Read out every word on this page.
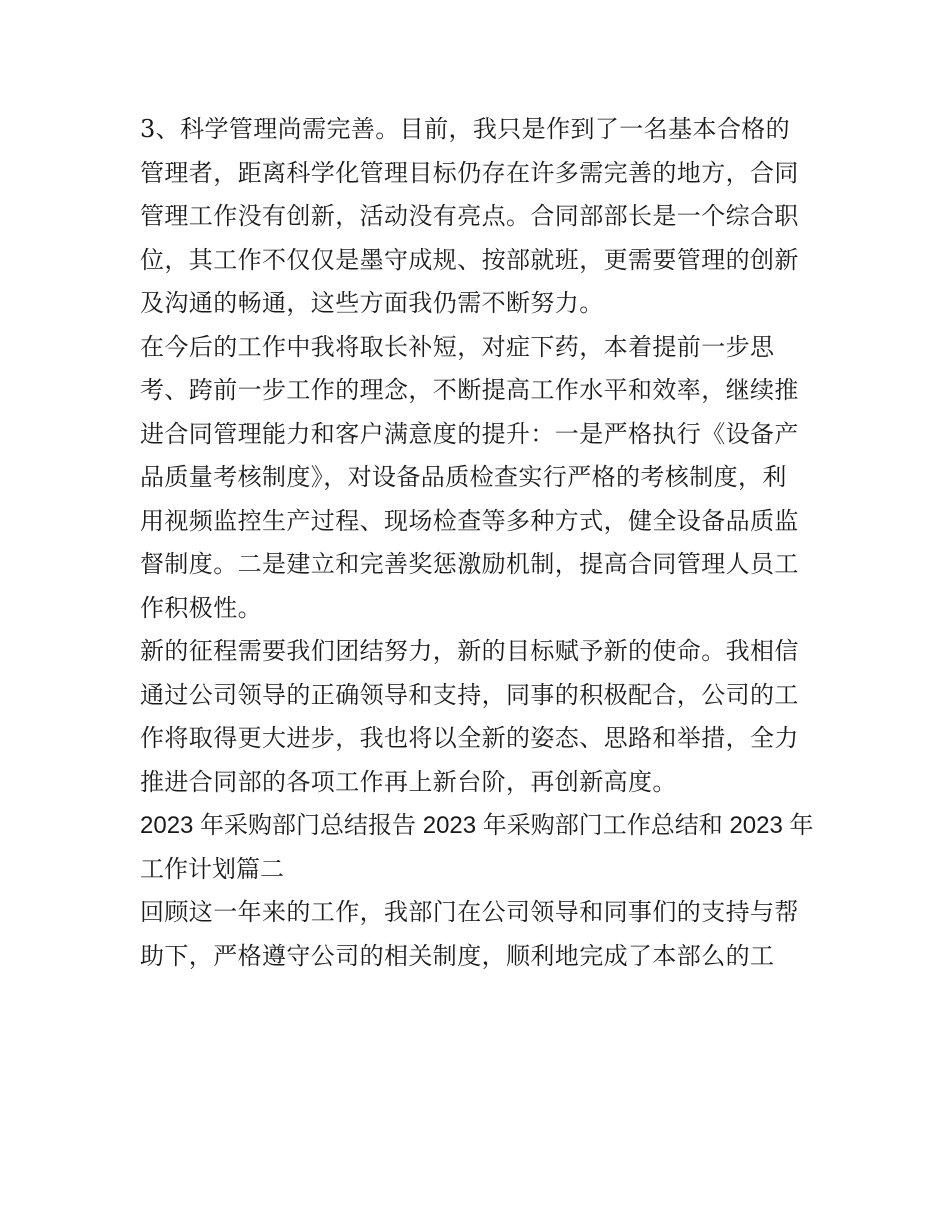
3、科学管理尚需完善。目前，我只是作到了一名基本合格的
管理者，距离科学化管理目标仍存在许多需完善的地方，合同
管理工作没有创新，活动没有亮点。合同部部长是一个综合职
位，其工作不仅仅是墨守成规、按部就班，更需要管理的创新
及沟通的畅通，这些方面我仍需不断努力。

在今后的工作中我将取长补短，对症下药，本着提前一步思
考、跨前一步工作的理念，不断提高工作水平和效率，继续推
进合同管理能力和客户满意度的提升：一是严格执行《设备产
品质量考核制度》，对设备品质检查实行严格的考核制度，利
用视频监控生产过程、现场检查等多种方式，健全设备品质监
督制度。二是建立和完善奖惩激励机制，提高合同管理人员工
作积极性。

新的征程需要我们团结努力，新的目标赋予新的使命。我相信
通过公司领导的正确领导和支持，同事的积极配合，公司的工
作将取得更大进步，我也将以全新的姿态、思路和举措，全力
推进合同部的各项工作再上新台阶，再创新高度。

2023 年采购部门总结报告 2023 年采购部门工作总结和 2023 年
工作计划篇二

回顾这一年来的工作，我部门在公司领导和同事们的支持与帮
助下，严格遵守公司的相关制度，顺利地完成了本部么的工
